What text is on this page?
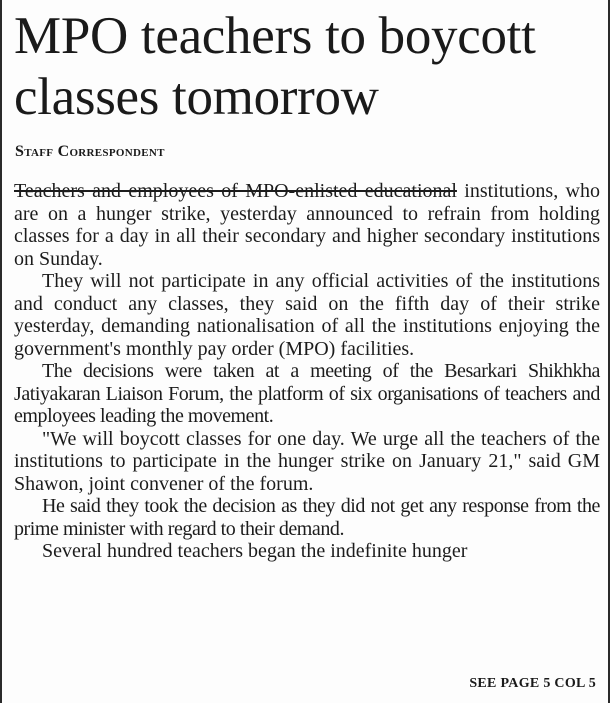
MPO teachers to boycott classes tomorrow

Staff Correspondent

Teachers and employees of MPO-enlisted educational institutions, who are on a hunger strike, yesterday announced to refrain from holding classes for a day in all their secondary and higher secondary institutions on Sunday.

They will not participate in any official activities of the institutions and conduct any classes, they said on the fifth day of their strike yesterday, demanding nationalisation of all the institutions enjoying the government's monthly pay order (MPO) facilities.

The decisions were taken at a meeting of the Besarkari Shikhkha Jatiyakaran Liaison Forum, the platform of six organisations of teachers and employees leading the movement.

"We will boycott classes for one day. We urge all the teachers of the institutions to participate in the hunger strike on January 21," said GM Shawon, joint convener of the forum.

He said they took the decision as they did not get any response from the prime minister with regard to their demand.

Several hundred teachers began the indefinite hunger

SEE PAGE 5 COL 5
